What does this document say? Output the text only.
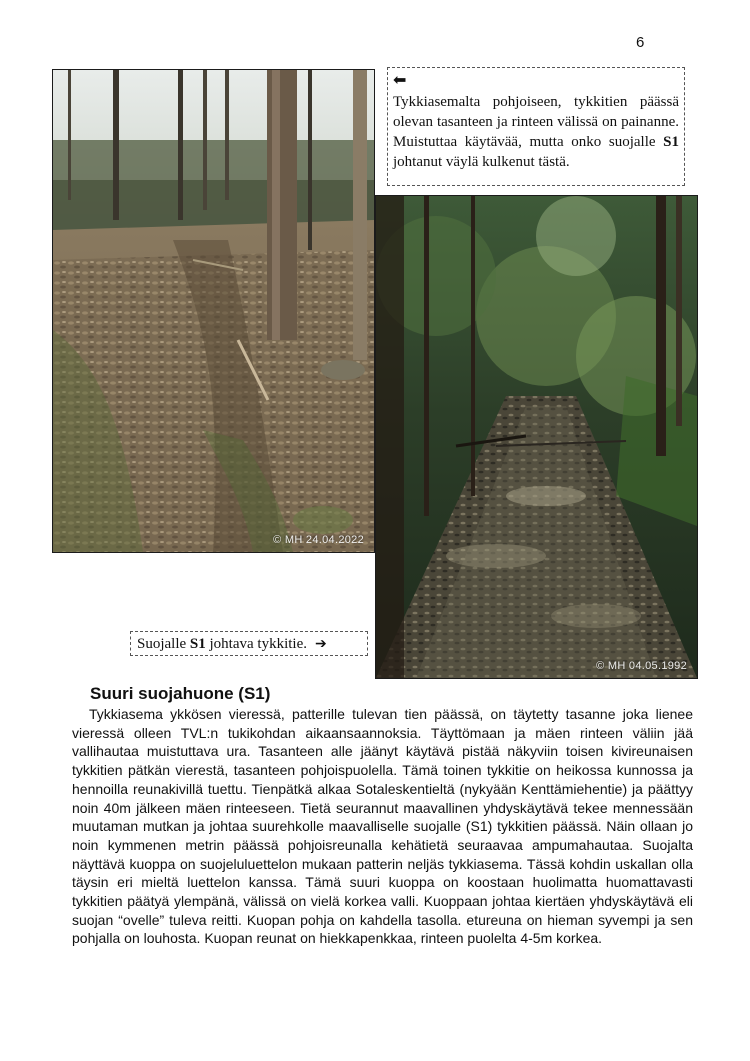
6
© MH 24.04.2022
© MH 04.05.1992
⬅

Tykkiasemalta pohjoiseen, tykkitien päässä olevan tasanteen ja rinteen välissä on painanne. Muistuttaa käytävää, mutta onko suojalle S1 johtanut väylä kulkenut tästä.

Suojalle S1 johtava tykkitie. ➔
Suuri suojahuone (S1)

Tykkiasema ykkösen vieressä, patterille tulevan tien päässä, on täytetty tasanne joka lienee vieressä olleen TVL:n tukikohdan aikaansaannoksia. Täyttömaan ja mäen rinteen väliin jää vallihautaa muistuttava ura. Tasanteen alle jäänyt käytävä pistää näkyviin toisen kivireunaisen tykkitien pätkän vierestä, tasanteen pohjoispuolella. Tämä toinen tykkitie on heikossa kunnossa ja hennoilla reunakivillä tuettu. Tienpätkä alkaa Sotaleskentieltä (nykyään Kenttämiehentie) ja päättyy noin 40m jälkeen mäen rinteeseen. Tietä seurannut maavallinen yhdyskäytävä tekee mennessään muutaman mutkan ja johtaa suurehkolle maavalliselle suojalle (S1) tykkitien päässä. Näin ollaan jo noin kymmenen metrin päässä pohjoisreunalla kehätietä seuraavaa ampumahautaa. Suojalta näyttävä kuoppa on suojeluluettelon mukaan patterin neljäs tykkiasema. Tässä kohdin uskallan olla täysin eri mieltä luettelon kanssa. Tämä suuri kuoppa on koostaan huolimatta huomattavasti tykkitien päätyä ylempänä, välissä on vielä korkea valli. Kuoppaan johtaa kiertäen yhdyskäytävä eli suojan “ovelle” tuleva reitti. Kuopan pohja on kahdella tasolla. etureuna on hieman syvempi ja sen pohjalla on louhosta. Kuopan reunat on hiekkapenkkaa, rinteen puolelta 4-5m korkea.
